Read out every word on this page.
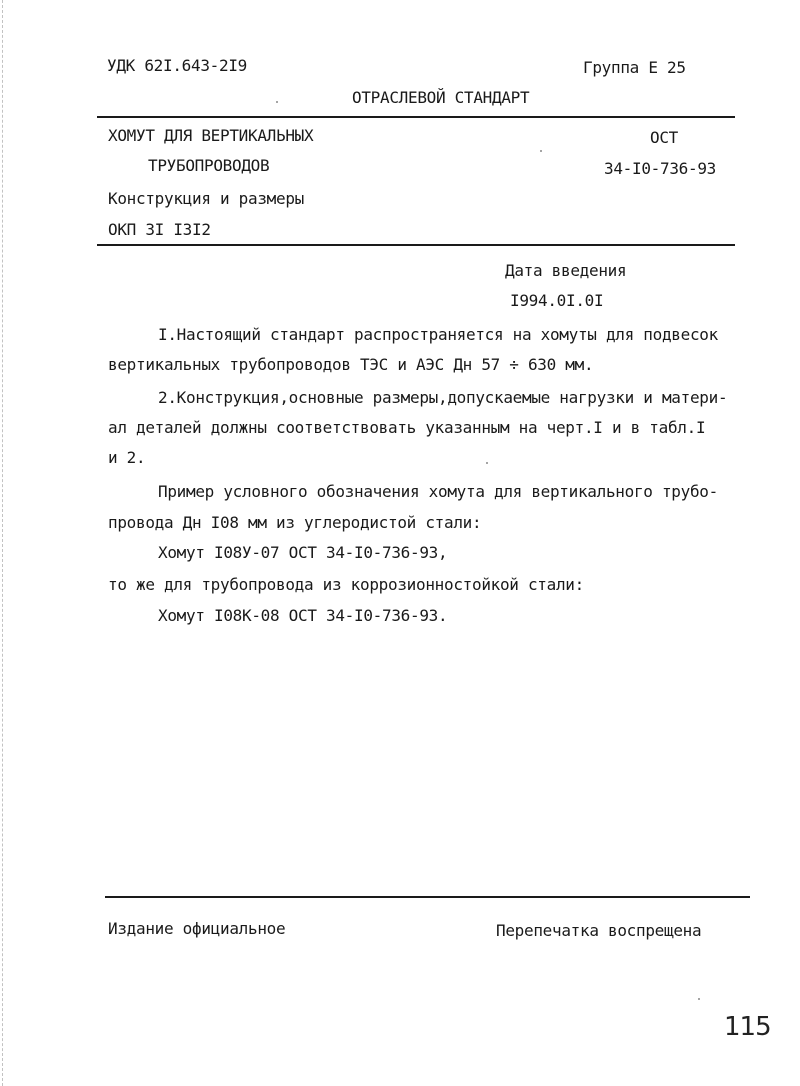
УДК 62I.643-2I9	Группа Е 25
ОТРАСЛЕВОЙ СТАНДАРТ
ХОМУТ ДЛЯ ВЕРТИКАЛЬНЫХ
ТРУБОПРОВОДОВ
Конструкция и размеры
ОКП 3I I3I2
ОСТ
34-I0-736-93
Дата введения
I994.0I.0I
I.Настоящий стандарт распространяется на хомуты для подвесок
вертикальных трубопроводов ТЭС и АЭС Дн 57 ÷ 630 мм.
2.Конструкция,основные размеры,допускаемые нагрузки и матери-
ал деталей должны соответствовать указанным на черт.I и в табл.I
и 2.
Пример условного обозначения хомута для вертикального трубо-
провода Дн I08 мм из углеродистой стали:
Хомут I08У-07 ОСТ 34-I0-736-93,
то же для трубопровода из коррозионностойкой стали:
Хомут I08К-08 ОСТ 34-I0-736-93.
Издание официальное	Перепечатка воспрещена
115
